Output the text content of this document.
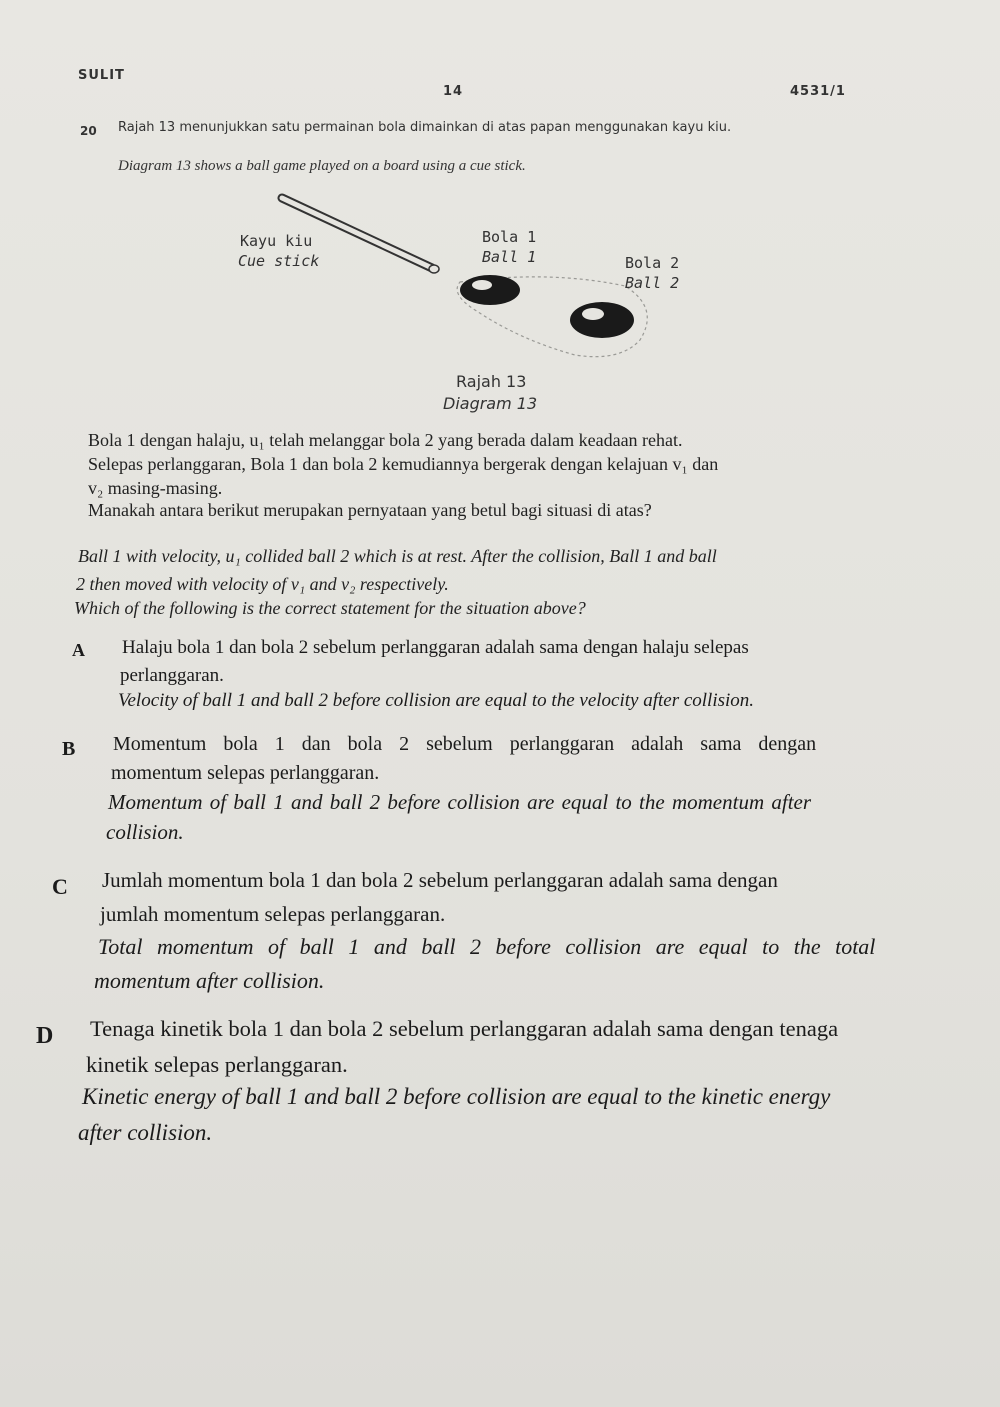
SULIT
14	4531/1
20 Rajah 13 menunjukkan satu permainan bola dimainkan di atas papan menggunakan kayu kiu.
Diagram 13 shows a ball game played on a board using a cue stick.
Kayu kiu
Cue stick
Bola 1
Ball 1	Bola 2
Ball 2
Rajah 13
Diagram 13
Bola 1 dengan halaju, u₁ telah melanggar bola 2 yang berada dalam keadaan rehat.
Selepas perlanggaran, Bola 1 dan bola 2 kemudiannya bergerak dengan kelajuan v₁ dan
v₂ masing-masing.
Manakah antara berikut merupakan pernyataan yang betul bagi situasi di atas?
Ball 1 with velocity, u₁ collided ball 2 which is at rest. After the collision, Ball 1 and ball
2 then moved with velocity of v₁ and v₂ respectively.
Which of the following is the correct statement for the situation above?
A Halaju bola 1 dan bola 2 sebelum perlanggaran adalah sama dengan halaju selepas
perlanggaran.
Velocity of ball 1 and ball 2 before collision are equal to the velocity after collision.
B Momentum bola 1 dan bola 2 sebelum perlanggaran adalah sama dengan
momentum selepas perlanggaran.
Momentum of ball 1 and ball 2 before collision are equal to the momentum after
collision.
C Jumlah momentum bola 1 dan bola 2 sebelum perlanggaran adalah sama dengan
jumlah momentum selepas perlanggaran.
Total momentum of ball 1 and ball 2 before collision are equal to the total
momentum after collision.
D Tenaga kinetik bola 1 dan bola 2 sebelum perlanggaran adalah sama dengan tenaga
kinetik selepas perlanggaran.
Kinetic energy of ball 1 and ball 2 before collision are equal to the kinetic energy
after collision.
